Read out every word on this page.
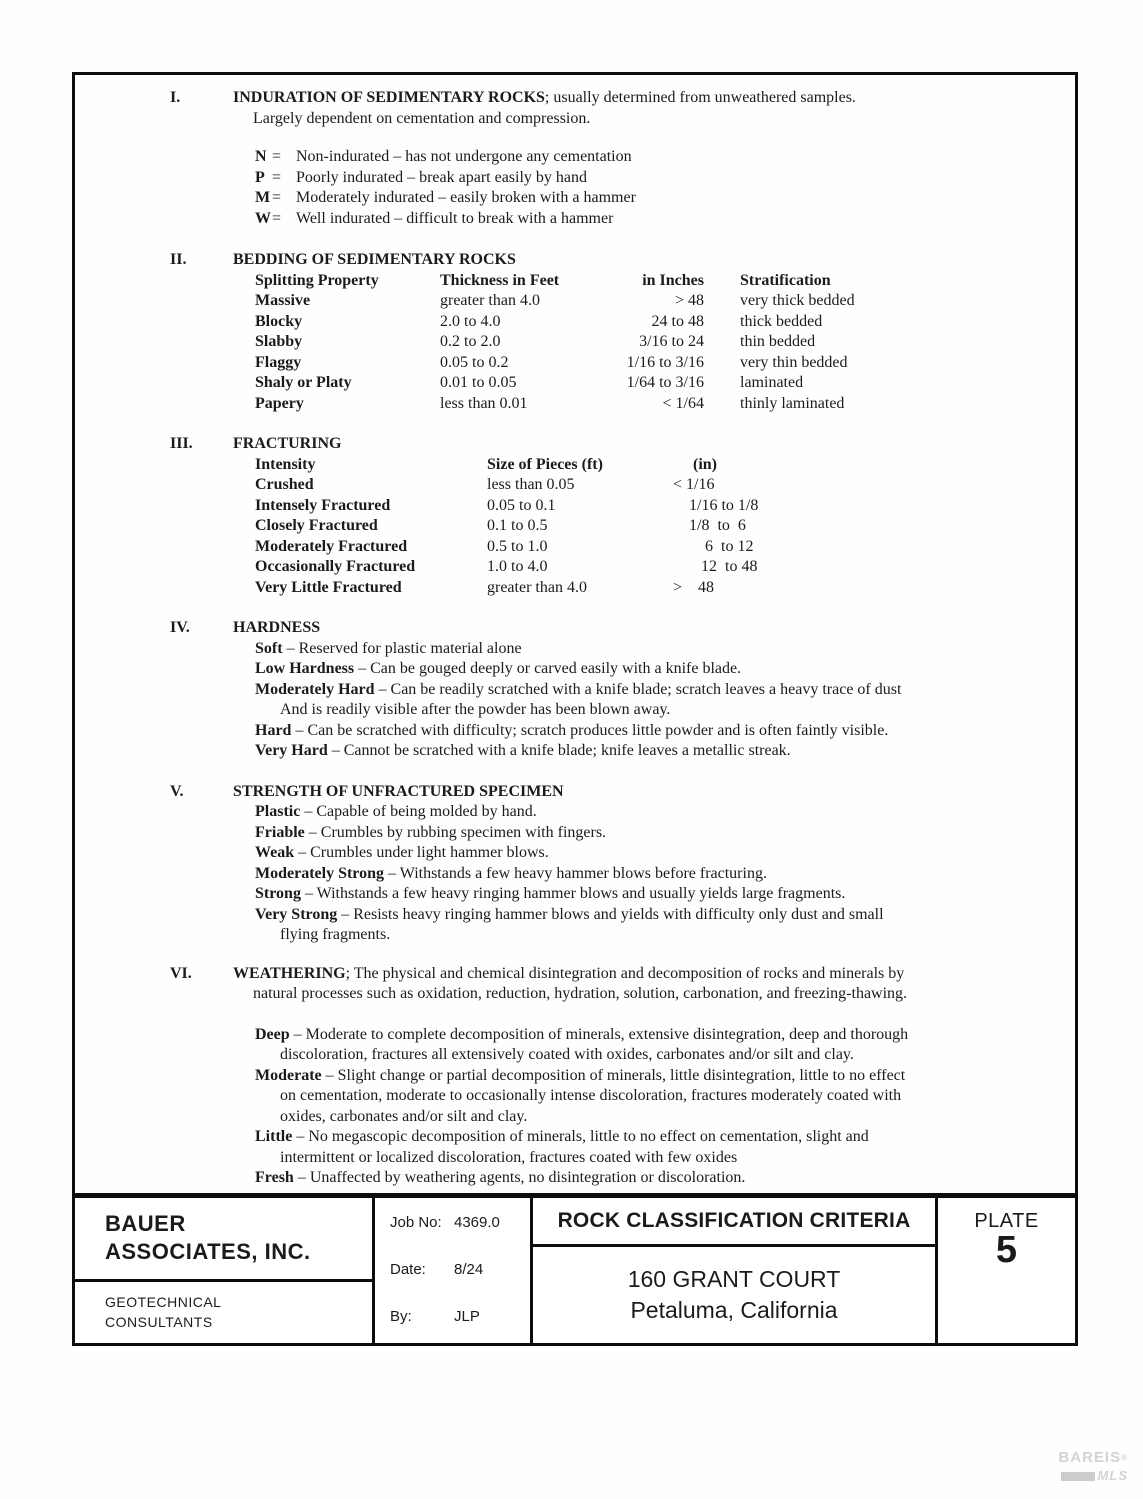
I.	INDURATION OF SEDIMENTARY ROCKS; usually determined from unweathered samples.
Largely dependent on cementation and compression.
N = Non-indurated – has not undergone any cementation
P = Poorly indurated – break apart easily by hand
M = Moderately indurated – easily broken with a hammer
W= Well indurated – difficult to break with a hammer
II.	BEDDING OF SEDIMENTARY ROCKS
Splitting Property	Thickness in Feet	in Inches	Stratification
Massive	greater than 4.0	> 48	very thick bedded
Blocky	2.0 to 4.0	24 to 48	thick bedded
Slabby	0.2 to 2.0	3/16 to 24	thin bedded
Flaggy	0.05 to 0.2	1/16 to 3/16	very thin bedded
Shaly or Platy	0.01 to 0.05	1/64 to 3/16	laminated
Papery	less than 0.01	< 1/64	thinly laminated
III.	FRACTURING
Intensity	Size of Pieces (ft)	(in)
Crushed	less than 0.05	< 1/16
Intensely Fractured	0.05 to 0.1	1/16 to 1/8
Closely Fractured	0.1 to 0.5	1/8  to  6
Moderately Fractured	0.5 to 1.0	6  to 12
Occasionally Fractured	1.0 to 4.0	12  to 48
Very Little Fractured	greater than 4.0	>    48
IV.	HARDNESS
Soft – Reserved for plastic material alone
Low Hardness – Can be gouged deeply or carved easily with a knife blade.
Moderately Hard – Can be readily scratched with a knife blade; scratch leaves a heavy trace of dust
And is readily visible after the powder has been blown away.
Hard – Can be scratched with difficulty; scratch produces little powder and is often faintly visible.
Very Hard – Cannot be scratched with a knife blade; knife leaves a metallic streak.
V.	STRENGTH OF UNFRACTURED SPECIMEN
Plastic – Capable of being molded by hand.
Friable – Crumbles by rubbing specimen with fingers.
Weak – Crumbles under light hammer blows.
Moderately Strong – Withstands a few heavy hammer blows before fracturing.
Strong – Withstands a few heavy ringing hammer blows and usually yields large fragments.
Very Strong – Resists heavy ringing hammer blows and yields with difficulty only dust and small
flying fragments.
VI.	WEATHERING; The physical and chemical disintegration and decomposition of rocks and minerals by
natural processes such as oxidation, reduction, hydration, solution, carbonation, and freezing-thawing.
Deep – Moderate to complete decomposition of minerals, extensive disintegration, deep and thorough
discoloration, fractures all extensively coated with oxides, carbonates and/or silt and clay.
Moderate – Slight change or partial decomposition of minerals, little disintegration, little to no effect
on cementation, moderate to occasionally intense discoloration, fractures moderately coated with
oxides, carbonates and/or silt and clay.
Little – No megascopic decomposition of minerals, little to no effect on cementation, slight and
intermittent or localized discoloration, fractures coated with few oxides
Fresh – Unaffected by weathering agents, no disintegration or discoloration.
BAUER
ASSOCIATES, INC.
GEOTECHNICAL
CONSULTANTS
Job No: 4369.0
Date:	8/24
By:	JLP
ROCK CLASSIFICATION CRITERIA
160 GRANT COURT
Petaluma, California
PLATE
5
BAREIS®
MLS
